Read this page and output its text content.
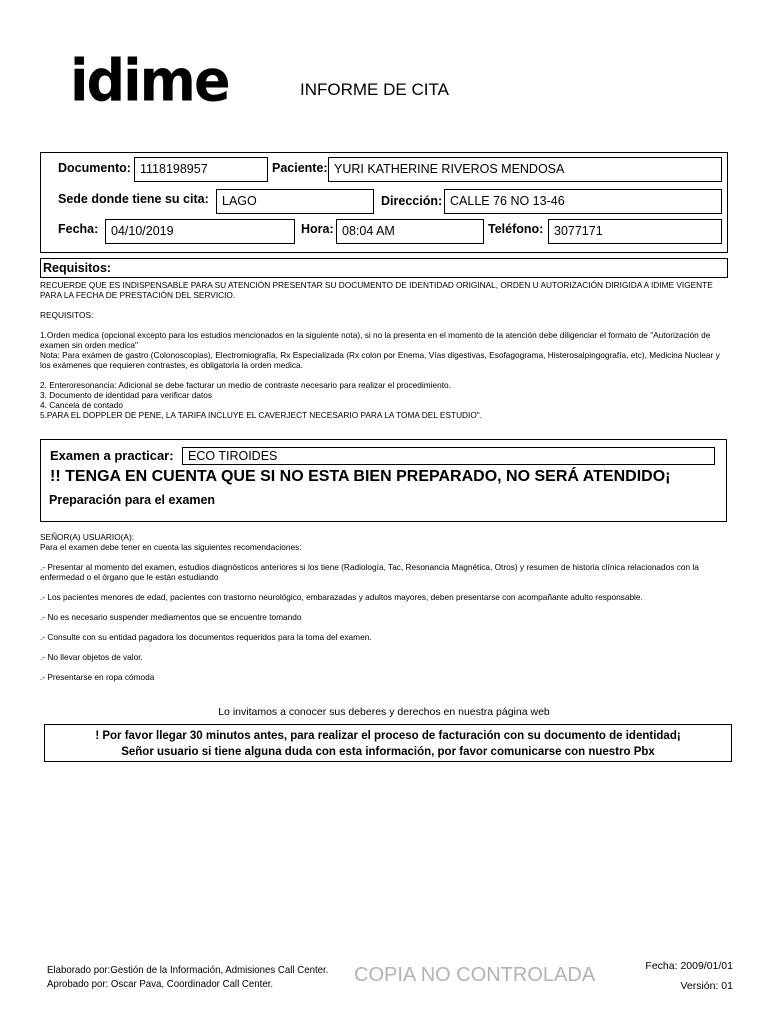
idime	INFORME DE CITA
Documento: 1118198957	Paciente: YURI KATHERINE RIVEROS MENDOSA
Sede donde tiene su cita:	LAGO	Dirección: CALLE 76 NO 13-46
Fecha:	04/10/2019	Hora: 08:04 AM	Teléfono: 3077171
Requisitos:

RECUERDE QUE ES INDISPENSABLE PARA SU ATENCIÓN PRESENTAR SU DOCUMENTO DE IDENTIDAD ORIGINAL, ORDEN U AUTORIZACIÓN DIRIGIDA A IDIME VIGENTE PARA LA FECHA DE PRESTACIÓN DEL SERVICIO.

REQUISITOS:

1.Orden medica (opcional excepto para los estudios mencionados en la siguiente nota), si no la presenta en el momento de la atención debe diligenciar el formato de "Autorización de examen sin orden medica"

Nota: Para exámen de gastro (Colonoscopias), Electromiografía, Rx Especializada (Rx colon por Enema, Vías digestivas, Esofagograma, Histerosalpingografía, etc), Medicina Nuclear y los exámenes que requieren contrastes, es obligatoria la orden medica.

2. Enteroresonancia: Adicional se debe facturar un medio de contraste necesario para realizar el procedimiento.

3. Documento de identidad para verificar datos

4. Cancela de contado

5.PARA EL DOPPLER DE PENE, LA TARIFA INCLUYE EL CAVERJECT NECESARIO PARA LA TOMA DEL ESTUDIO".

Examen a practicar:	ECO TIROIDES
!! TENGA EN CUENTA QUE SI NO ESTA BIEN PREPARADO, NO SERÁ ATENDIDO¡
Preparación para el examen

SEÑOR(A) USUARIO(A):

Para el examen debe tener en cuenta las siguientes recomendaciones:

.- Presentar al momento del examen, estudios diagnósticos anteriores si los tiene (Radiología, Tac, Resonancia Magnética, Otros) y resumen de historia clínica relacionados con la enfermedad o el órgano que le están estudiando

.- Los pacientes menores de edad, pacientes con trastorno neurológico, embarazadas y adultos mayores, deben presentarse con acompañante adulto responsable.

.- No es necesario suspender mediamentos que se encuentre tomando

.- Consulte con su entidad pagadora los documentos requeridos para la toma del examen.

.- No llevar objetos de valor.

.- Presentarse en ropa cómoda

Lo invitamos a conocer sus deberes y derechos en nuestra página web
! Por favor llegar 30 minutos antes, para realizar el proceso de facturación con su documento de identidad¡
Señor usuario si tiene alguna duda con esta información, por favor comunicarse con nuestro Pbx
Elaborado por:Gestión de la Información, Admisiones Call Center.
Aprobado por: Oscar Pava, Coordinador Call Center.	COPIA NO CONTROLADA	Fecha: 2009/01/01
Versión: 01
